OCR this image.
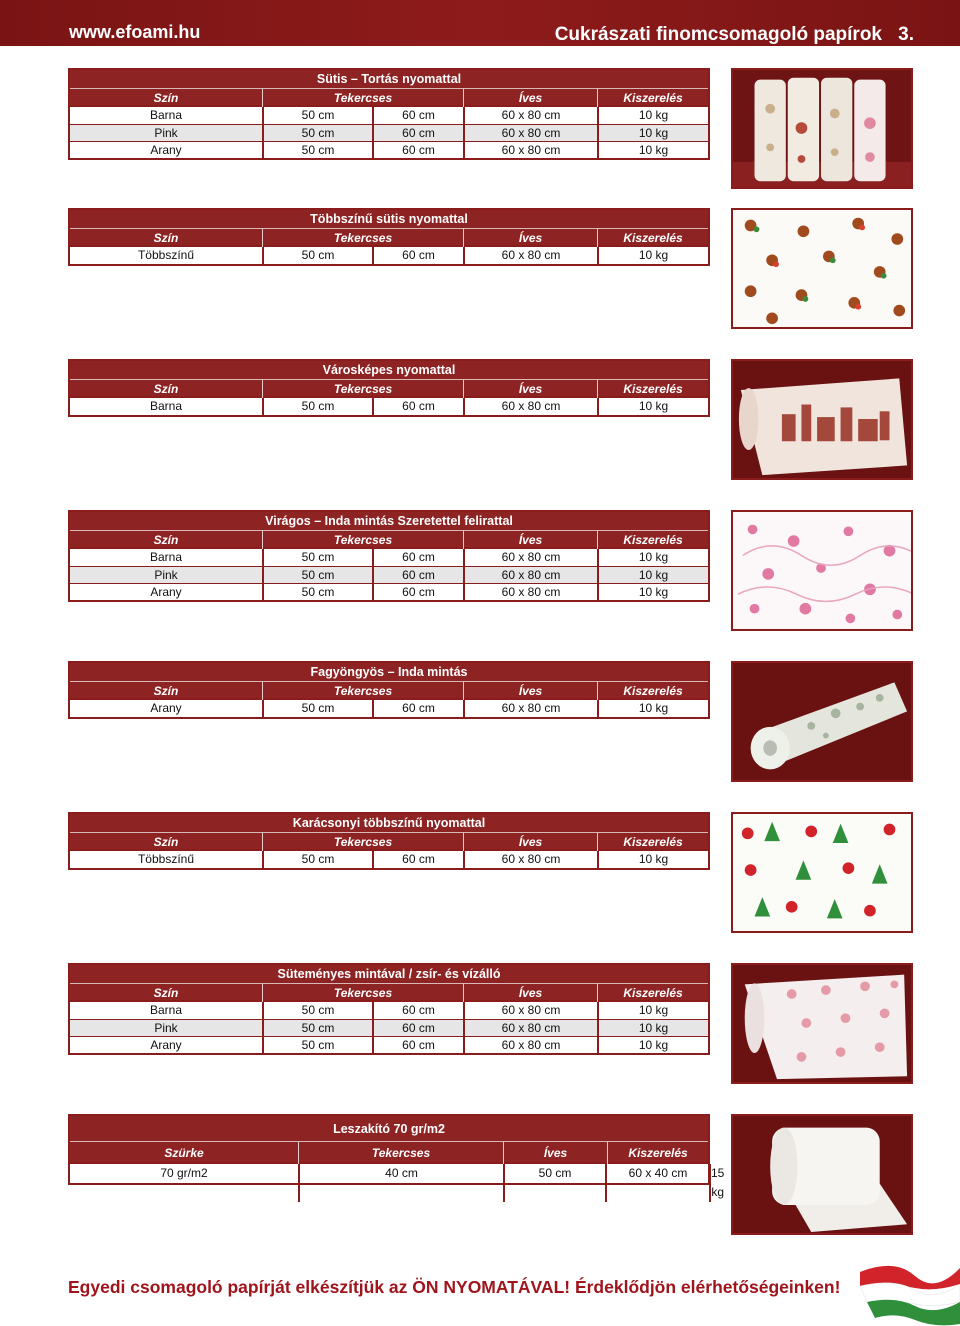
www.efoami.hu	Cukrászati finomcsomagoló papírok 3.
Sütis – Tortás nyomattal
Szín	Tekercses	Íves	Kiszerelés
Barna	50 cm	60 cm	60 x 80 cm	10 kg
Pink	50 cm	60 cm	60 x 80 cm	10 kg
Arany	50 cm	60 cm	60 x 80 cm	10 kg
Többszínű sütis nyomattal
Szín	Tekercses	Íves	Kiszerelés
Többszínű	50 cm	60 cm	60 x 80 cm	10 kg
Városképes nyomattal
Szín	Tekercses	Íves	Kiszerelés
Barna	50 cm	60 cm	60 x 80 cm	10 kg
Virágos – Inda mintás Szeretettel felirattal
Szín	Tekercses	Íves	Kiszerelés
Barna	50 cm	60 cm	60 x 80 cm	10 kg
Pink	50 cm	60 cm	60 x 80 cm	10 kg
Arany	50 cm	60 cm	60 x 80 cm	10 kg
Fagyöngyös – Inda mintás
Szín	Tekercses	Íves	Kiszerelés
Arany	50 cm	60 cm	60 x 80 cm	10 kg
Karácsonyi többszínű nyomattal
Szín	Tekercses	Íves	Kiszerelés
Többszínű	50 cm	60 cm	60 x 80 cm	10 kg
Süteményes mintával / zsír- és vízálló
Szín	Tekercses	Íves	Kiszerelés
Barna	50 cm	60 cm	60 x 80 cm	10 kg
Pink	50 cm	60 cm	60 x 80 cm	10 kg
Arany	50 cm	60 cm	60 x 80 cm	10 kg
Leszakító 70 gr/m2
Szürke	Tekercses	Íves	Kiszerelés
70 gr/m2	40 cm	50 cm	60 x 40 cm	15 kg
Egyedi csomagoló papírját elkészítjük az ÖN NYOMATÁVAL! Érdeklődjön elérhetőségeinken!
